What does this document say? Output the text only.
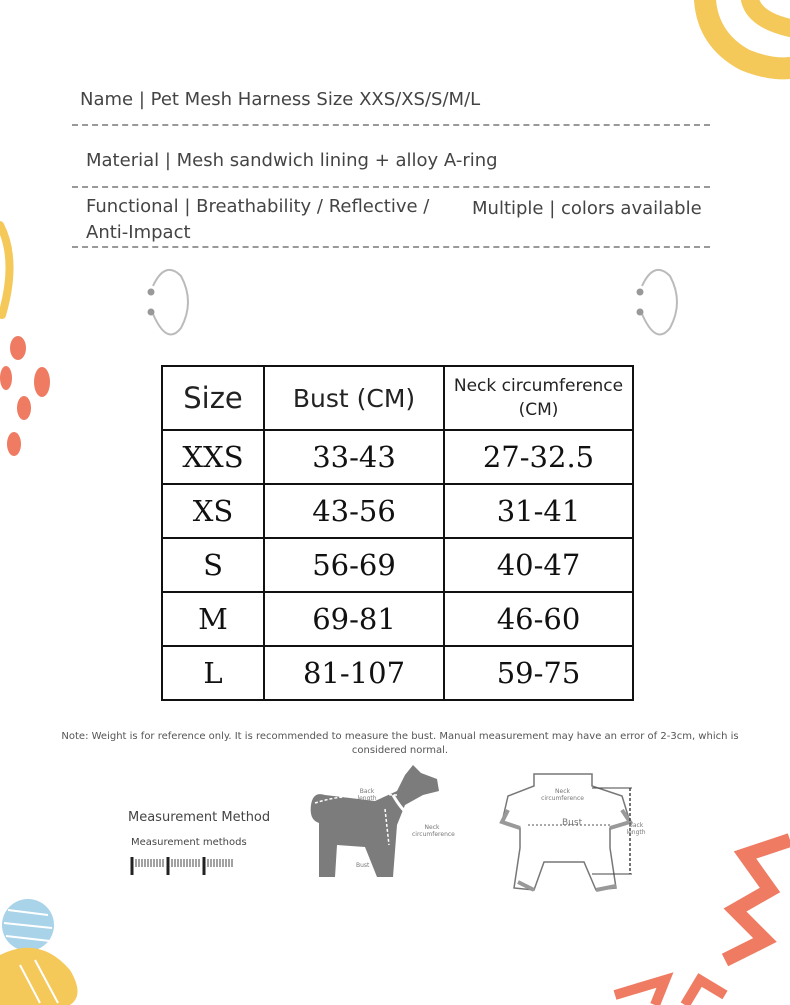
Name | Pet Mesh Harness Size XXS/XS/S/M/L
Material | Mesh sandwich lining + alloy A-ring
Functional | Breathability / Reflective /
Anti-Impact
Multiple | colors available
Size	Bust (CM)	Neck circumference
(CM)
XXS	33-43	27-32.5
XS	43-56	31-41
S	56-69	40-47
M	69-81	46-60
L	81-107	59-75
Note: Weight is for reference only. It is recommended to measure the bust. Manual measurement may have an error of 2-3cm, which is considered normal.
Measurement Method
Measurement methods
Back length
Neck circumference
Bust
Neck circumference
Bust	Back length
